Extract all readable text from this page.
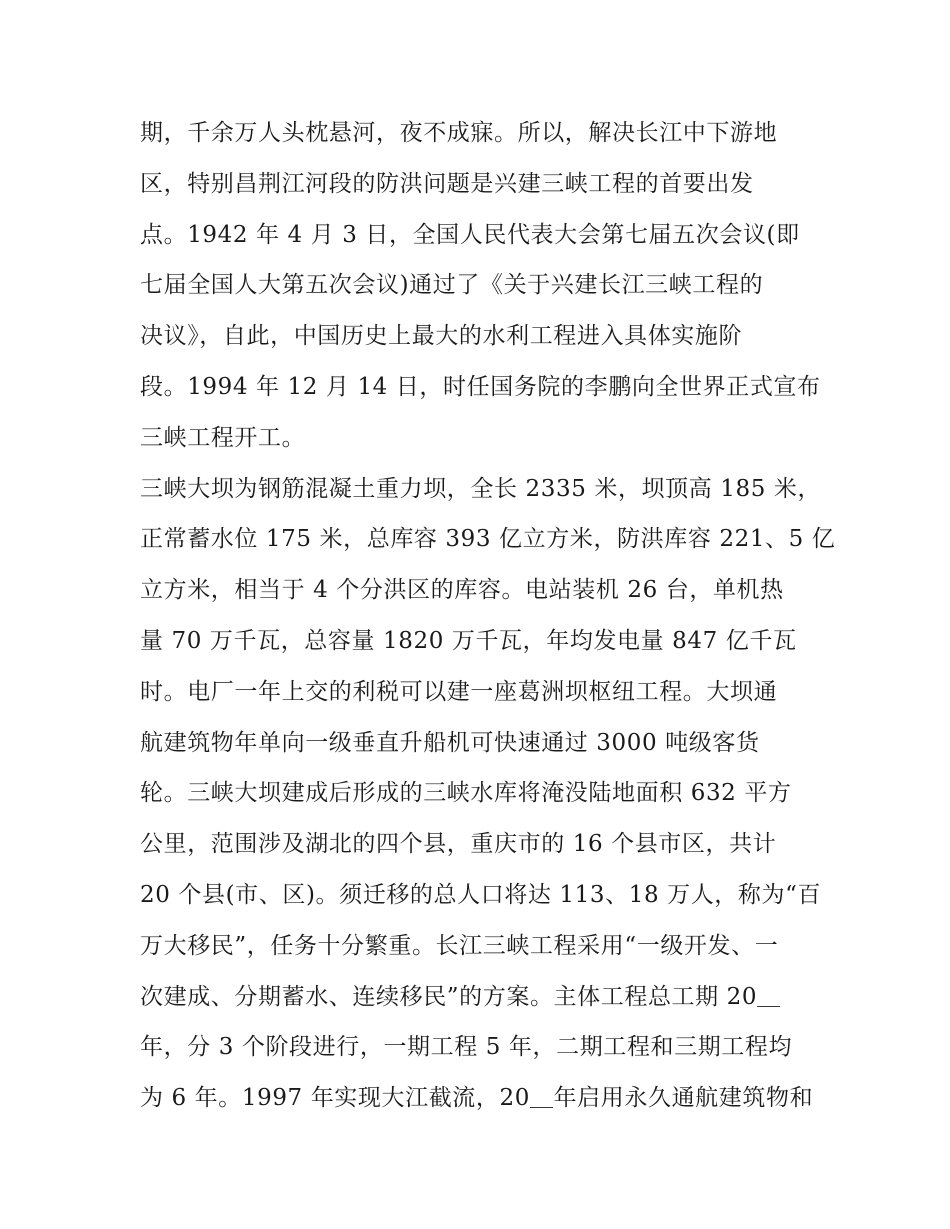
期，千余万人头枕悬河，夜不成寐。所以，解决长江中下游地
区，特别昌荆江河段的防洪问题是兴建三峡工程的首要出发
点。1942 年 4 月 3 日，全国人民代表大会第七届五次会议(即
七届全国人大第五次会议)通过了《关于兴建长江三峡工程的
决议》，自此，中国历史上最大的水利工程进入具体实施阶
段。1994 年 12 月 14 日，时任国务院的李鹏向全世界正式宣布
三峡工程开工。
三峡大坝为钢筋混凝土重力坝，全长 2335 米，坝顶高 185 米，
正常蓄水位 175 米，总库容 393 亿立方米，防洪库容 221、5 亿
立方米，相当于 4 个分洪区的库容。电站装机 26 台，单机热
量 70 万千瓦，总容量 1820 万千瓦，年均发电量 847 亿千瓦
时。电厂一年上交的利税可以建一座葛洲坝枢纽工程。大坝通
航建筑物年单向一级垂直升船机可快速通过 3000 吨级客货
轮。三峡大坝建成后形成的三峡水库将淹没陆地面积 632 平方
公里，范围涉及湖北的四个县，重庆市的 16 个县市区，共计
20 个县(市、区)。须迁移的总人口将达 113、18 万人，称为“百
万大移民”，任务十分繁重。长江三峡工程采用“一级开发、一
次建成、分期蓄水、连续移民”的方案。主体工程总工期 20＿
年，分 3 个阶段进行，一期工程 5 年，二期工程和三期工程均
为 6 年。1997 年实现大江截流，20＿年启用永久通航建筑物和
